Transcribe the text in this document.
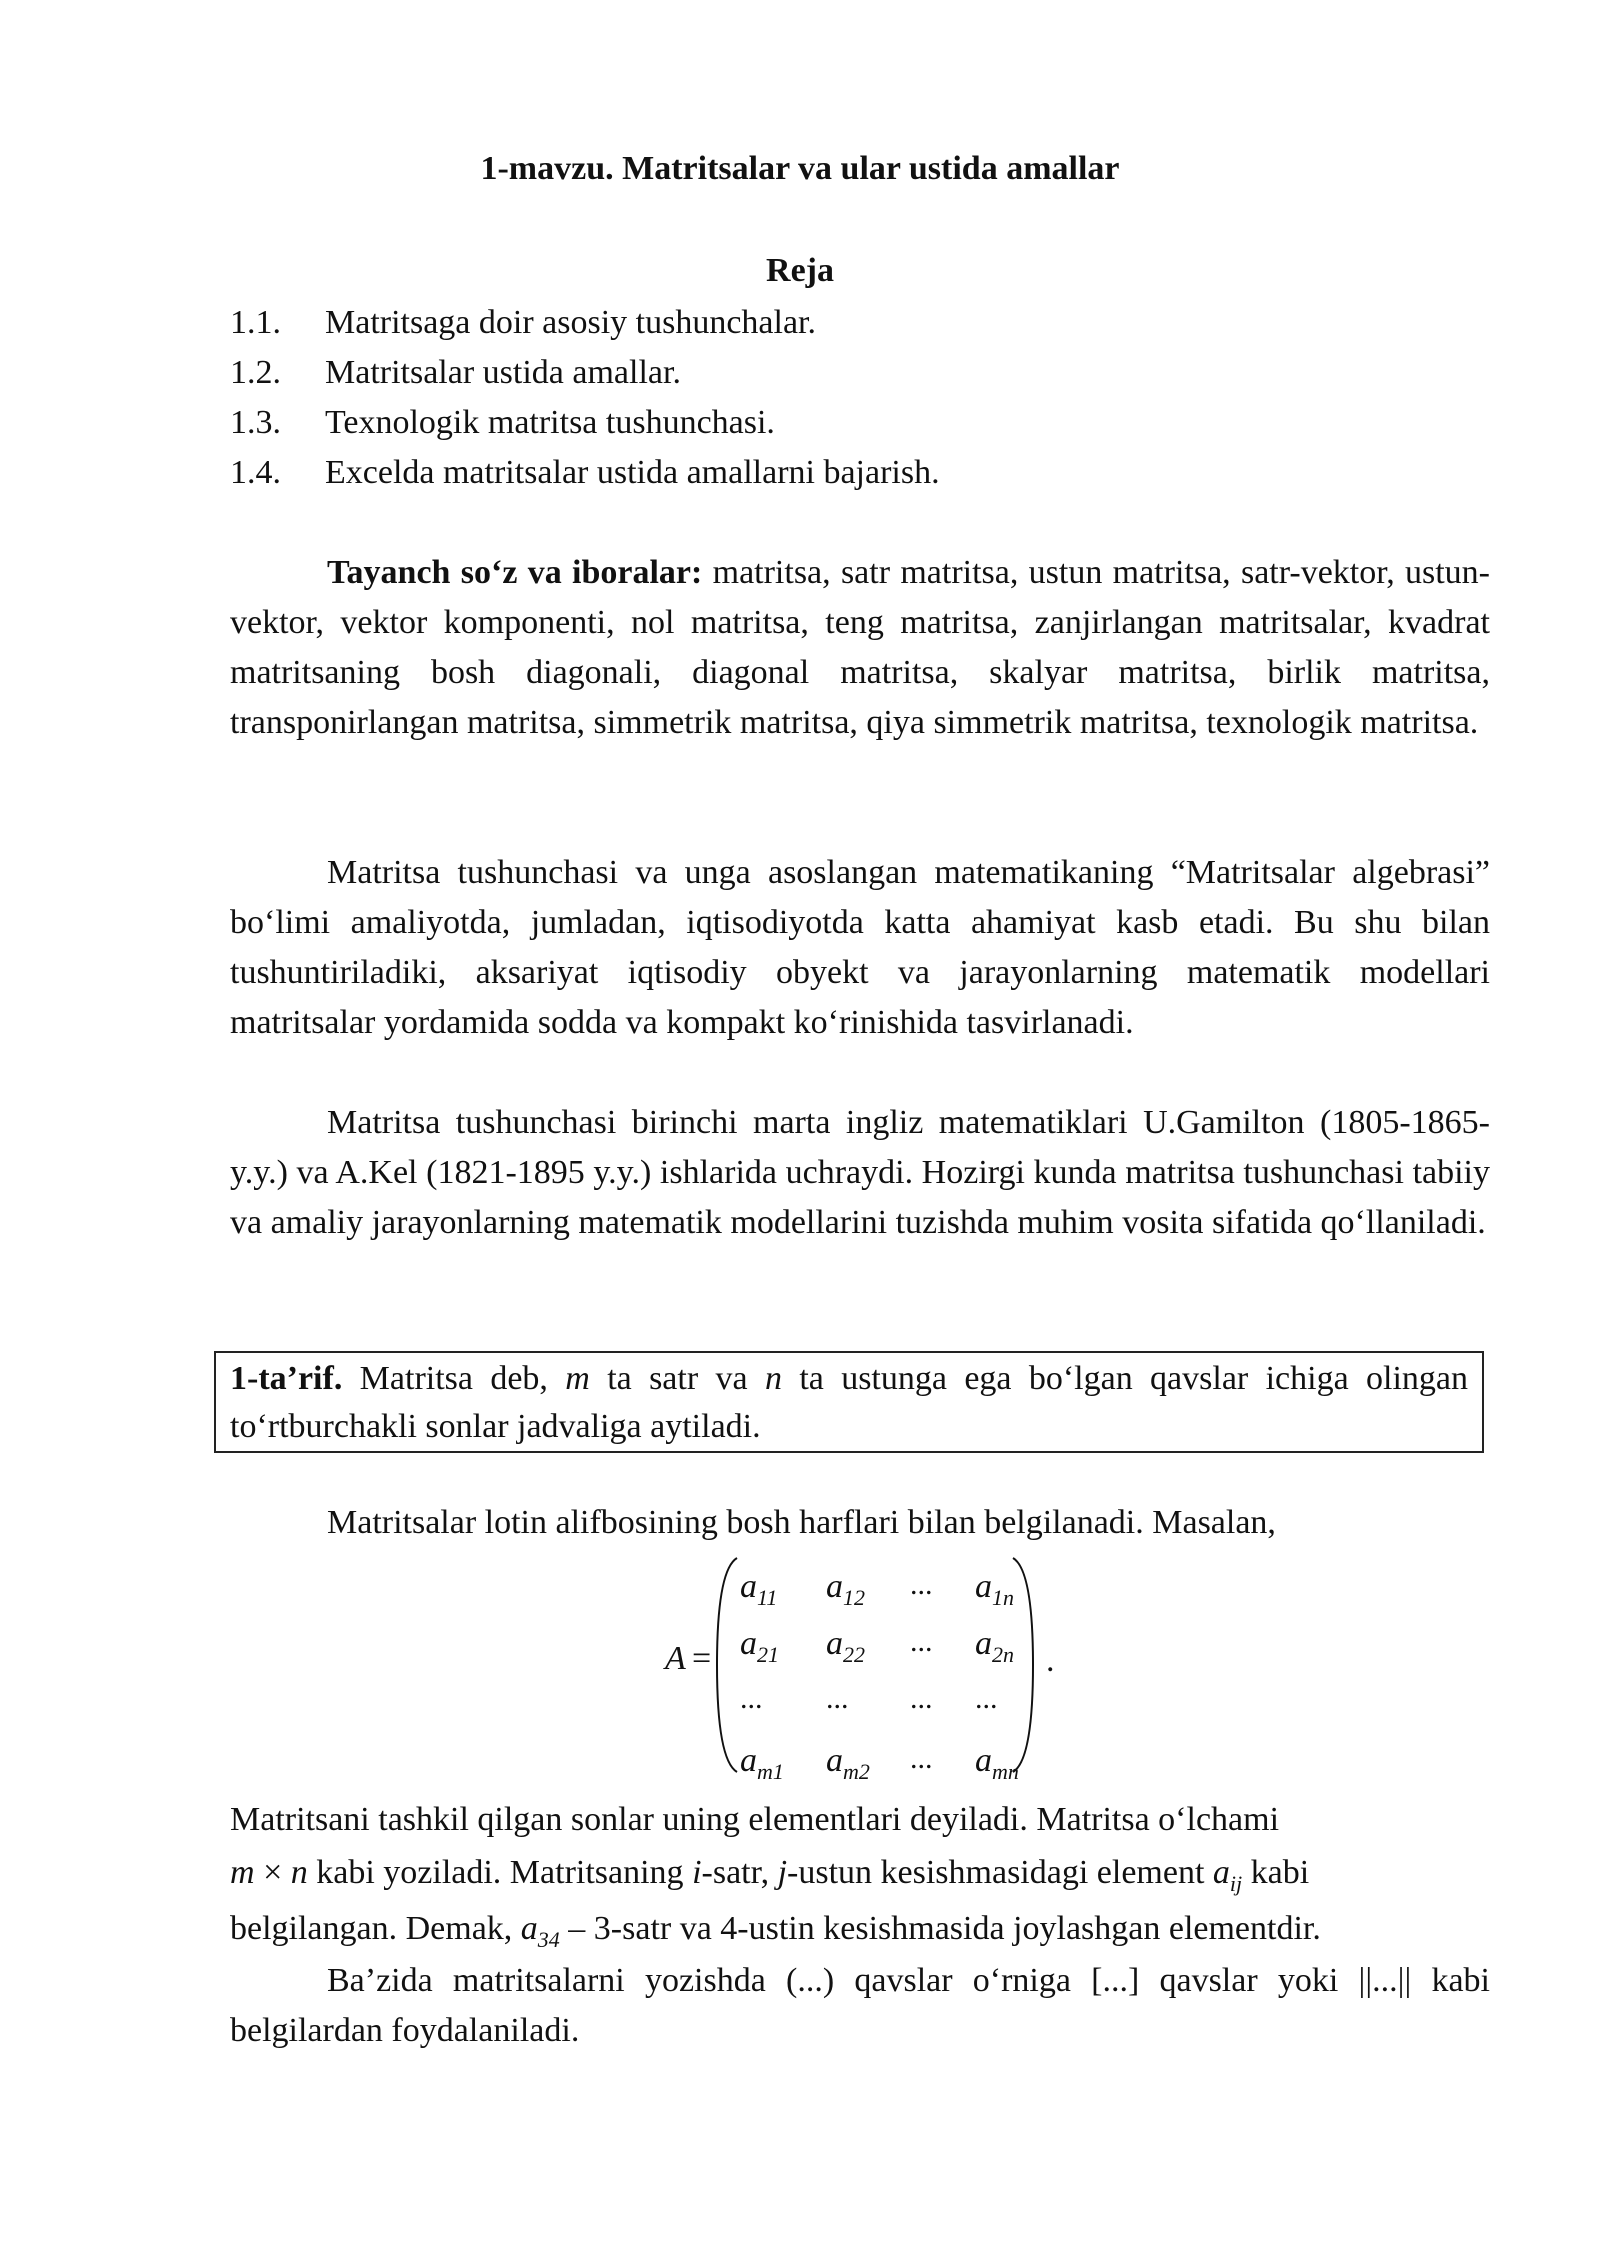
1-mavzu. Matritsalar va ular ustida amallar
Reja
1.1.	Matritsaga doir asosiy tushunchalar.
1.2.	Matritsalar ustida amallar.
1.3.	Texnologik matritsa tushunchasi.
1.4.	Excelda matritsalar ustida amallarni bajarish.

Tayanch so‘z va iboralar: matritsa, satr matritsa, ustun matritsa, satr-vektor, ustun-vektor, vektor komponenti, nol matritsa, teng matritsa, zanjirlangan matritsalar, kvadrat matritsaning bosh diagonali, diagonal matritsa, skalyar matritsa, birlik matritsa, transponirlangan matritsa, simmetrik matritsa, qiya simmetrik matritsa, texnologik matritsa.

Matritsa tushunchasi va unga asoslangan matematikaning “Matritsalar algebrasi” bo‘limi amaliyotda, jumladan, iqtisodiyotda katta ahamiyat kasb etadi. Bu shu bilan tushuntiriladiki, aksariyat iqtisodiy obyekt va jarayonlarning matematik modellari matritsalar yordamida sodda va kompakt ko‘rinishida tasvirlanadi.

Matritsa tushunchasi birinchi marta ingliz matematiklari U.Gamilton (1805-1865-y.y.) va A.Kel (1821-1895 y.y.) ishlarida uchraydi. Hozirgi kunda matritsa tushunchasi tabiiy va amaliy jarayonlarning matematik modellarini tuzishda muhim vosita sifatida qo‘llaniladi.

1-ta’rif. Matritsa deb, m ta satr va n ta ustunga ega bo‘lgan qavslar ichiga olingan to‘rtburchakli sonlar jadvaliga aytiladi.

Matritsalar lotin alifbosining bosh harflari bilan belgilanadi. Masalan,

A =
$a_{11}$ $a_{12}$ ... $a_{1n}$
$a_{21}$ $a_{22}$ ... $a_{2n}$
... ... ... ...
$a_{m1}$ $a_{m2}$ ... $a_{mn}$
.
Matritsani tashkil qilgan sonlar uning elementlari deyiladi. Matritsa o‘lchami
m × n kabi yoziladi. Matritsaning i-satr, j-ustun kesishmasidagi element $a_{ij}$ kabi
belgilangan. Demak, $a_{34}$ – 3-satr va 4-ustin kesishmasida joylashgan elementdir.

Ba’zida matritsalarni yozishda (...) qavslar o‘rniga [...] qavslar yoki ||...|| kabi belgilardan foydalaniladi.
